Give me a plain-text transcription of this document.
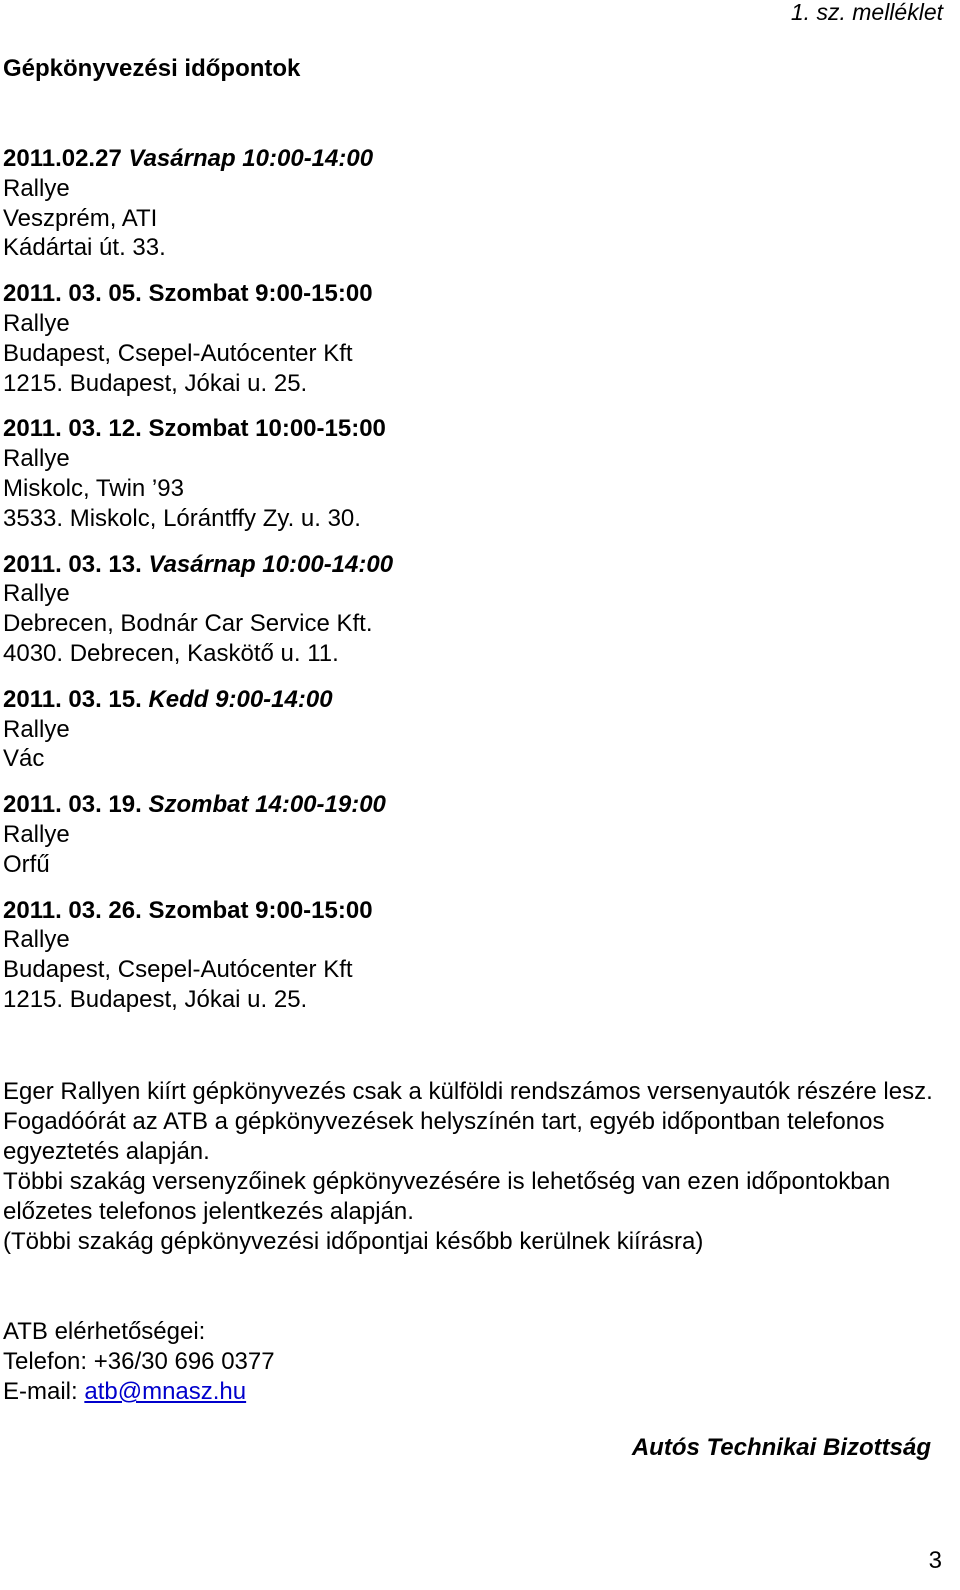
1. sz. melléklet
Gépkönyvezési időpontok
2011.02.27 Vasárnap 10:00-14:00
Rallye
Veszprém, ATI
Kádártai út. 33.
2011. 03. 05. Szombat 9:00-15:00
Rallye
Budapest, Csepel-Autócenter Kft
1215. Budapest, Jókai u. 25.
2011. 03. 12. Szombat 10:00-15:00
Rallye
Miskolc, Twin ’93
3533. Miskolc, Lórántffy Zy. u. 30.
2011. 03. 13. Vasárnap 10:00-14:00
Rallye
Debrecen, Bodnár Car Service Kft.
4030. Debrecen, Kaskötő u. 11.
2011. 03. 15. Kedd 9:00-14:00
Rallye
Vác
2011. 03. 19. Szombat 14:00-19:00
Rallye
Orfű
2011. 03. 26. Szombat 9:00-15:00
Rallye
Budapest, Csepel-Autócenter Kft
1215. Budapest, Jókai u. 25.

Eger Rallyen kiírt gépkönyvezés csak a külföldi rendszámos versenyautók részére lesz.

Fogadóórát az ATB a gépkönyvezések helyszínén tart, egyéb időpontban telefonos egyeztetés alapján.

Többi szakág versenyzőinek gépkönyvezésére is lehetőség van ezen időpontokban előzetes telefonos jelentkezés alapján.

(Többi szakág gépkönyvezési időpontjai később kerülnek kiírásra)

ATB elérhetőségei:
Telefon: +36/30 696 0377
E-mail: atb@mnasz.hu
Autós Technikai Bizottság
3
